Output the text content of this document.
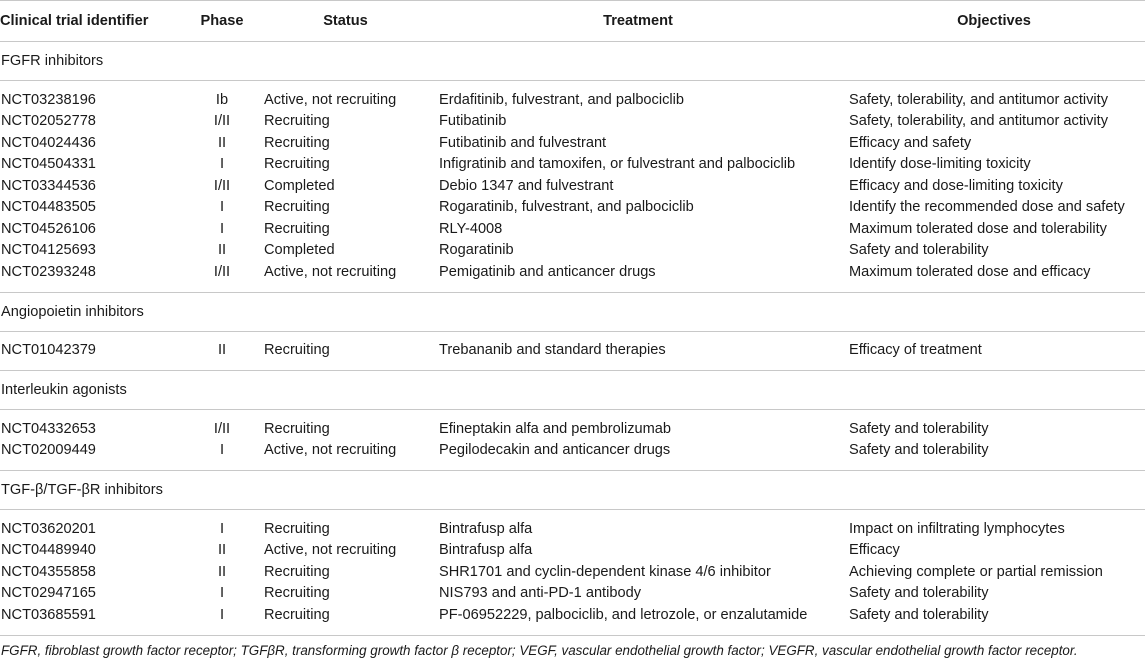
Clinical trial identifier	Phase	Status	Treatment	Objectives
FGFR inhibitors				

NCT03238196	Ib	Active, not recruiting	Erdafitinib, fulvestrant, and palbociclib	Safety, tolerability, and antitumor activity
NCT02052778	I/II	Recruiting	Futibatinib	Safety, tolerability, and antitumor activity
NCT04024436	II	Recruiting	Futibatinib and fulvestrant	Efficacy and safety
NCT04504331	I	Recruiting	Infigratinib and tamoxifen, or fulvestrant and palbociclib	Identify dose-limiting toxicity
NCT03344536	I/II	Completed	Debio 1347 and fulvestrant	Efficacy and dose-limiting toxicity
NCT04483505	I	Recruiting	Rogaratinib, fulvestrant, and palbociclib	Identify the recommended dose and safety
NCT04526106	I	Recruiting	RLY-4008	Maximum tolerated dose and tolerability
NCT04125693	II	Completed	Rogaratinib	Safety and tolerability
NCT02393248	I/II	Active, not recruiting	Pemigatinib and anticancer drugs	Maximum tolerated dose and efficacy

Angiopoietin inhibitors				

NCT01042379	II	Recruiting	Trebananib and standard therapies	Efficacy of treatment

Interleukin agonists				

NCT04332653	I/II	Recruiting	Efineptakin alfa and pembrolizumab	Safety and tolerability
NCT02009449	I	Active, not recruiting	Pegilodecakin and anticancer drugs	Safety and tolerability

TGF-β/TGF-βR inhibitors				

NCT03620201	I	Recruiting	Bintrafusp alfa	Impact on infiltrating lymphocytes
NCT04489940	II	Active, not recruiting	Bintrafusp alfa	Efficacy
NCT04355858	II	Recruiting	SHR1701 and cyclin-dependent kinase 4/6 inhibitor	Achieving complete or partial remission
NCT02947165	I	Recruiting	NIS793 and anti-PD-1 antibody	Safety and tolerability
NCT03685591	I	Recruiting	PF-06952229, palbociclib, and letrozole, or enzalutamide	Safety and tolerability

FGFR, fibroblast growth factor receptor; TGFβR, transforming growth factor β receptor; VEGF, vascular endothelial growth factor; VEGFR, vascular endothelial growth factor receptor.
